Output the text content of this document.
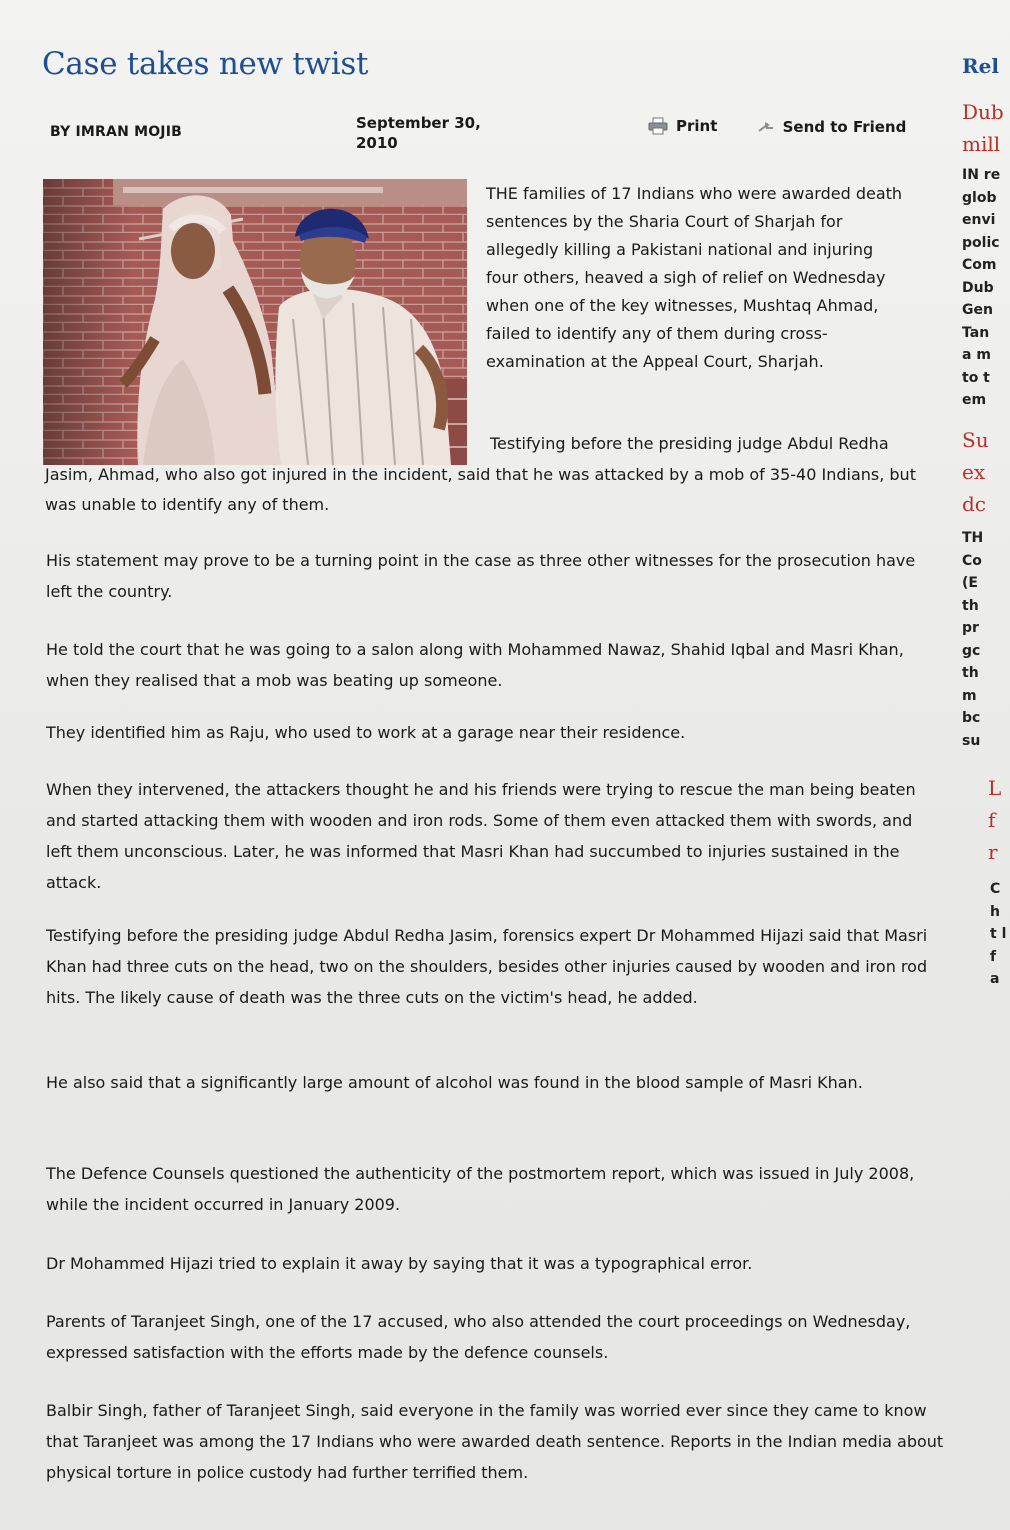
Case takes new twist
BY IMRAN MOJIB	September 30, 2010
Print
	Send to Friend

THE families of 17 Indians who were awarded death sentences by the Sharia Court of Sharjah for allegedly killing a Pakistani national and injuring four others, heaved a sigh of relief on Wednesday when one of the key witnesses, Mushtaq Ahmad, failed to identify any of them during cross-examination at the Appeal Court, Sharjah.

Testifying before the presiding judge Abdul Redha

Jasim, Ahmad, who also got injured in the incident, said that he was attacked by a mob of 35-40 Indians, but was unable to identify any of them.

His statement may prove to be a turning point in the case as three other witnesses for the prosecution have left the country.

He told the court that he was going to a salon along with Mohammed Nawaz, Shahid Iqbal and Masri Khan, when they realised that a mob was beating up someone.

They identified him as Raju, who used to work at a garage near their residence.

When they intervened, the attackers thought he and his friends were trying to rescue the man being beaten and started attacking them with wooden and iron rods. Some of them even attacked them with swords, and left them unconscious. Later, he was informed that Masri Khan had succumbed to injuries sustained in the attack.

Testifying before the presiding judge Abdul Redha Jasim, forensics expert Dr Mohammed Hijazi said that Masri Khan had three cuts on the head, two on the shoulders, besides other injuries caused by wooden and iron rod hits. The likely cause of death was the three cuts on the victim's head, he added.

He also said that a significantly large amount of alcohol was found in the blood sample of Masri Khan.

The Defence Counsels questioned the authenticity of the postmortem report, which was issued in July 2008, while the incident occurred in January 2009.

Dr Mohammed Hijazi tried to explain it away by saying that it was a typographical error.

Parents of Taranjeet Singh, one of the 17 accused, who also attended the court proceedings on Wednesday, expressed satisfaction with the efforts made by the defence counsels.

Balbir Singh, father of Taranjeet Singh, said everyone in the family was worried ever since they came to know that Taranjeet was among the 17 Indians who were awarded death sentence. Reports in the Indian media about physical torture in police custody had further terrified them.

Rel
Dub mill
IN re glob envi polic Com Dub Gen Tan a m to t em
Su ex dc
TH Co (E th pr gc th m bc su
L f r
C h t l f a
